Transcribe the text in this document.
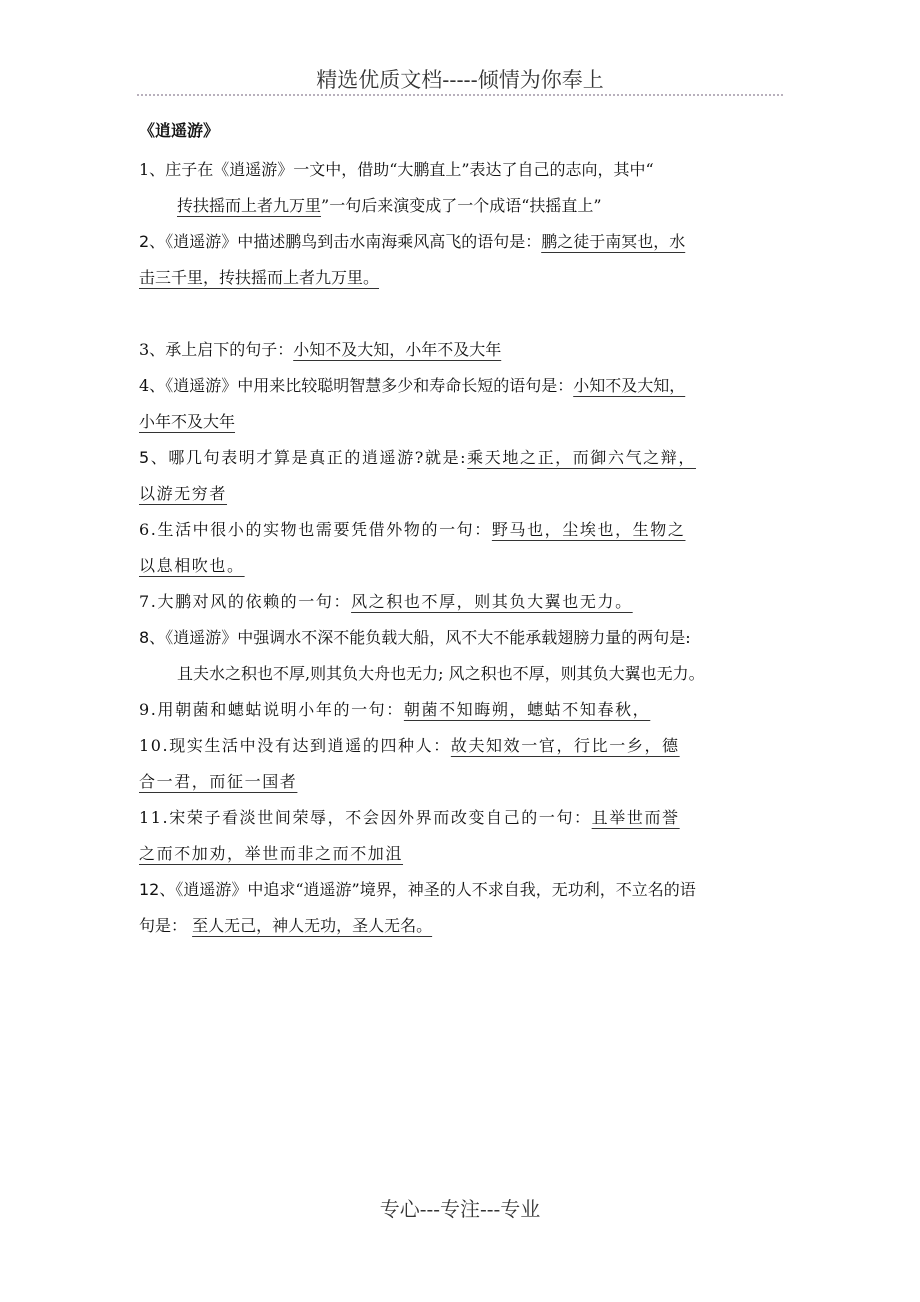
精选优质文档-----倾情为你奉上
《逍遥游》
1、庄子在《逍遥游》一文中，借助“大鹏直上”表达了自己的志向，其中“
抟扶摇而上者九万里”一句后来演变成了一个成语“扶摇直上”
2、《逍遥游》中描述鹏鸟到击水南海乘风高飞的语句是：鹏之徒于南冥也，水
击三千里，抟扶摇而上者九万里。
3、承上启下的句子：小知不及大知，小年不及大年
4、《逍遥游》中用来比较聪明智慧多少和寿命长短的语句是：小知不及大知，
小年不及大年
5、哪几句表明才算是真正的逍遥游?就是:乘天地之正，而御六气之辩，
以游无穷者
6.生活中很小的实物也需要凭借外物的一句：野马也，尘埃也，生物之
以息相吹也。
7.大鹏对风的依赖的一句：风之积也不厚，则其负大翼也无力。
8、《逍遥游》中强调水不深不能负载大船，风不大不能承载翅膀力量的两句是:
且夫水之积也不厚,则其负大舟也无力; 风之积也不厚，则其负大翼也无力。
9.用朝菌和蟪蛄说明小年的一句：朝菌不知晦朔，蟪蛄不知春秋，
10.现实生活中没有达到逍遥的四种人：故夫知效一官，行比一乡，德
合一君，而征一国者
11.宋荣子看淡世间荣辱，不会因外界而改变自己的一句：且举世而誉
之而不加劝，举世而非之而不加沮
12、《逍遥游》中追求“逍遥游”境界，神圣的人不求自我，无功利，不立名的语
句是： 至人无己，神人无功，圣人无名。
专心---专注---专业
